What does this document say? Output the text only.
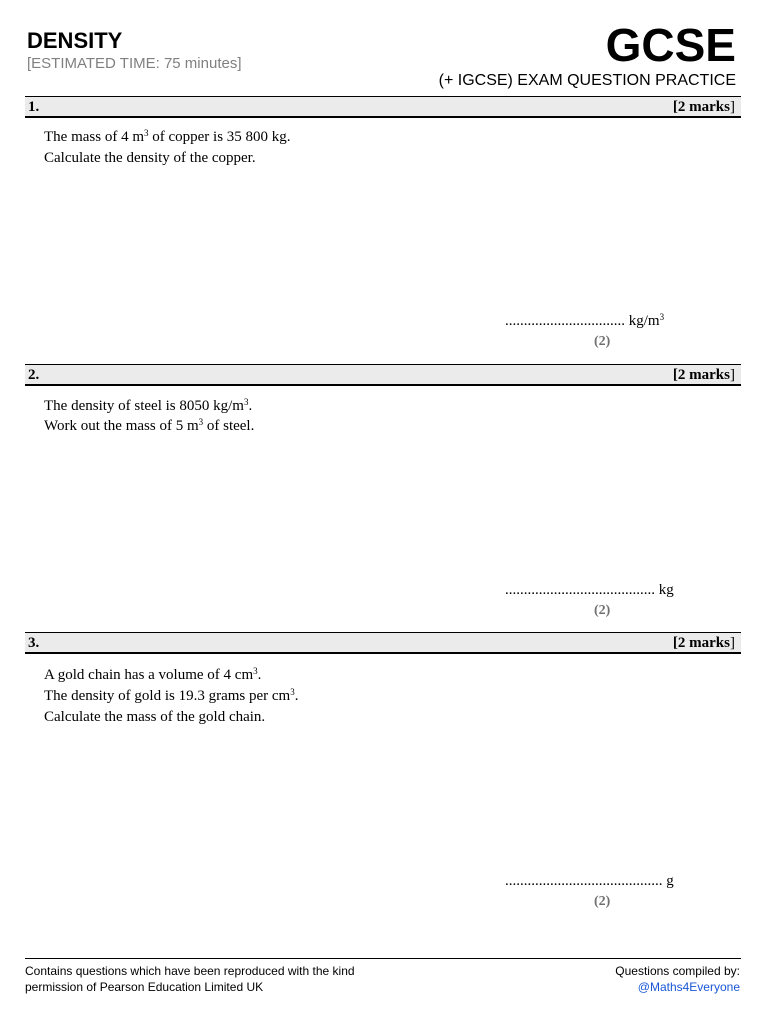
DENSITY
[ESTIMATED TIME: 75 minutes]	GCSE
(+ IGCSE) EXAM QUESTION PRACTICE
1.	[2 marks]
The mass of 4 $m^3$ of copper is 35 800 kg.
Calculate the density of the copper.
................................ $kg/m^3$
(2)
2.	[2 marks]
The density of steel is 8050 $kg/m^3$.
Work out the mass of 5 $m^3$ of steel.
........................................ kg
(2)
3.	[2 marks]
A gold chain has a volume of 4 $cm^3$.
The density of gold is 19.3 grams per $cm^3$.
Calculate the mass of the gold chain.
.......................................... g
(2)
Contains questions which have been reproduced with the kind
permission of Pearson Education Limited UK
Questions compiled by:
@Maths4Everyone
